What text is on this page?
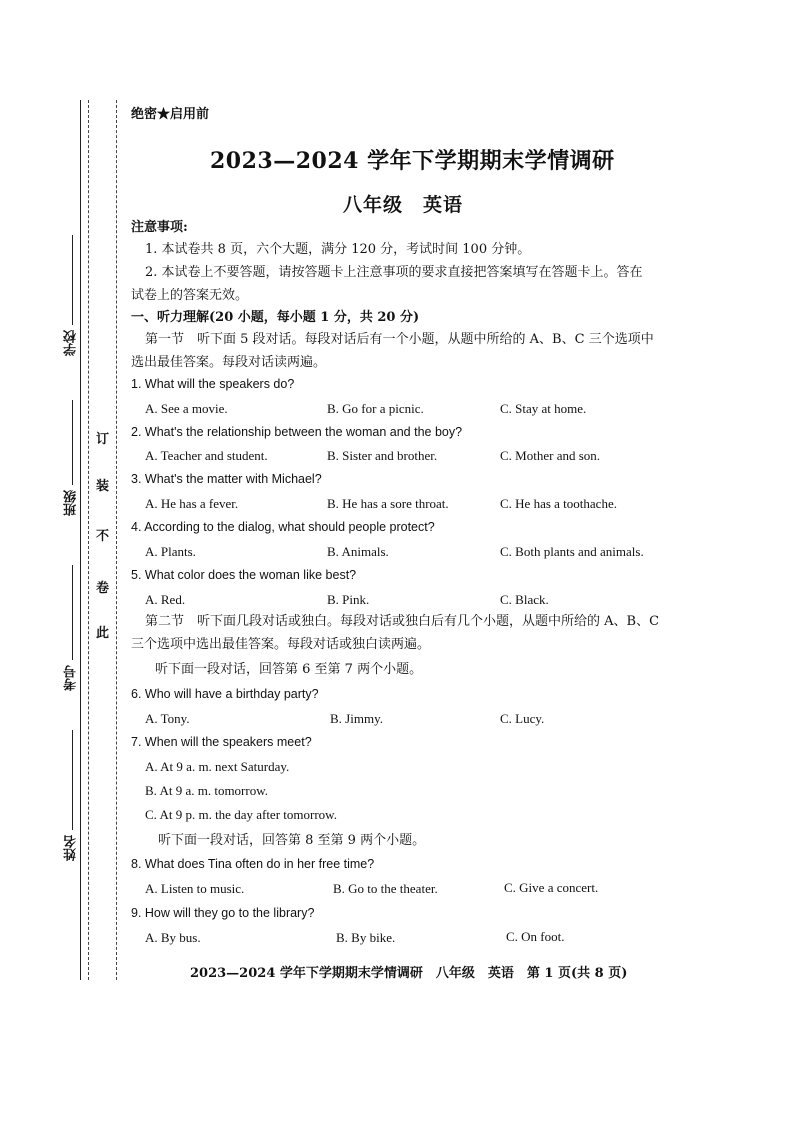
学校
班级
考号
姓名
此
卷
不
装
订
绝密★启用前
2023—2024 学年下学期期末学情调研
八年级　英语
注意事项:
1. 本试卷共 8 页，六个大题，满分 120 分，考试时间 100 分钟。
2. 本试卷上不要答题，请按答题卡上注意事项的要求直接把答案填写在答题卡上。答在
试卷上的答案无效。
一、听力理解(20 小题，每小题 1 分，共 20 分)
第一节　听下面 5 段对话。每段对话后有一个小题，从题中所给的 A、B、C 三个选项中
选出最佳答案。每段对话读两遍。
1. What will the speakers do?
A. See a movie.	B. Go for a picnic.	C. Stay at home.
2. What's the relationship between the woman and the boy?
A. Teacher and student.	B. Sister and brother.	C. Mother and son.
3. What's the matter with Michael?
A. He has a fever.	B. He has a sore throat.	C. He has a toothache.
4. According to the dialog, what should people protect?
A. Plants.	B. Animals.	C. Both plants and animals.
5. What color does the woman like best?
A. Red.	B. Pink.	C. Black.
第二节　听下面几段对话或独白。每段对话或独白后有几个小题，从题中所给的 A、B、C
三个选项中选出最佳答案。每段对话或独白读两遍。
听下面一段对话，回答第 6 至第 7 两个小题。
6. Who will have a birthday party?
A. Tony.	B. Jimmy.	C. Lucy.
7. When will the speakers meet?
A. At 9 a. m. next Saturday.
B. At 9 a. m. tomorrow.
C. At 9 p. m. the day after tomorrow.
听下面一段对话，回答第 8 至第 9 两个小题。
8. What does Tina often do in her free time?
A. Listen to music.	B. Go to the theater.	C. Give a concert.
9. How will they go to the library?
A. By bus.	B. By bike.	C. On foot.
2023—2024 学年下学期期末学情调研　八年级　英语　第 1 页(共 8 页)
